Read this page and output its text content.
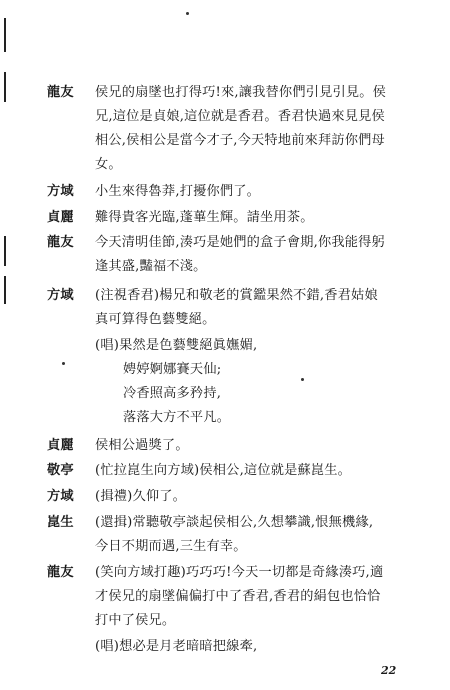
龍友	侯兄的扇墜也打得巧!來,讓我替你們引見引見。侯
兄,這位是貞娘,這位就是香君。香君快過來見見侯
相公,侯相公是當今才子,今天特地前來拜訪你們母
女。
方域	小生來得魯莽,打擾你們了。
貞麗	難得貴客光臨,蓬蓽生輝。請坐用茶。
龍友	今天清明佳節,湊巧是她們的盒子會期,你我能得躬
逢其盛,豔福不淺。
方域	(注視香君)楊兄和敬老的賞鑑果然不錯,香君姑娘
真可算得色藝雙絕。
(唱)果然是色藝雙絕眞嫵媚,
娉婷婀娜賽天仙;
冷香照高多矜持,
落落大方不平凡。
貞麗	侯相公過獎了。
敬亭	(忙拉崑生向方域)侯相公,這位就是蘇崑生。
方域	(揖禮)久仰了。
崑生	(還揖)常聽敬亭談起侯相公,久想攀識,恨無機緣,
今日不期而遇,三生有幸。
龍友	(笑向方域打趣)巧巧巧!今天一切都是奇緣湊巧,適
才侯兄的扇墜偏偏打中了香君,香君的絹包也恰恰
打中了侯兄。
(唱)想必是月老暗暗把線牽,
22
